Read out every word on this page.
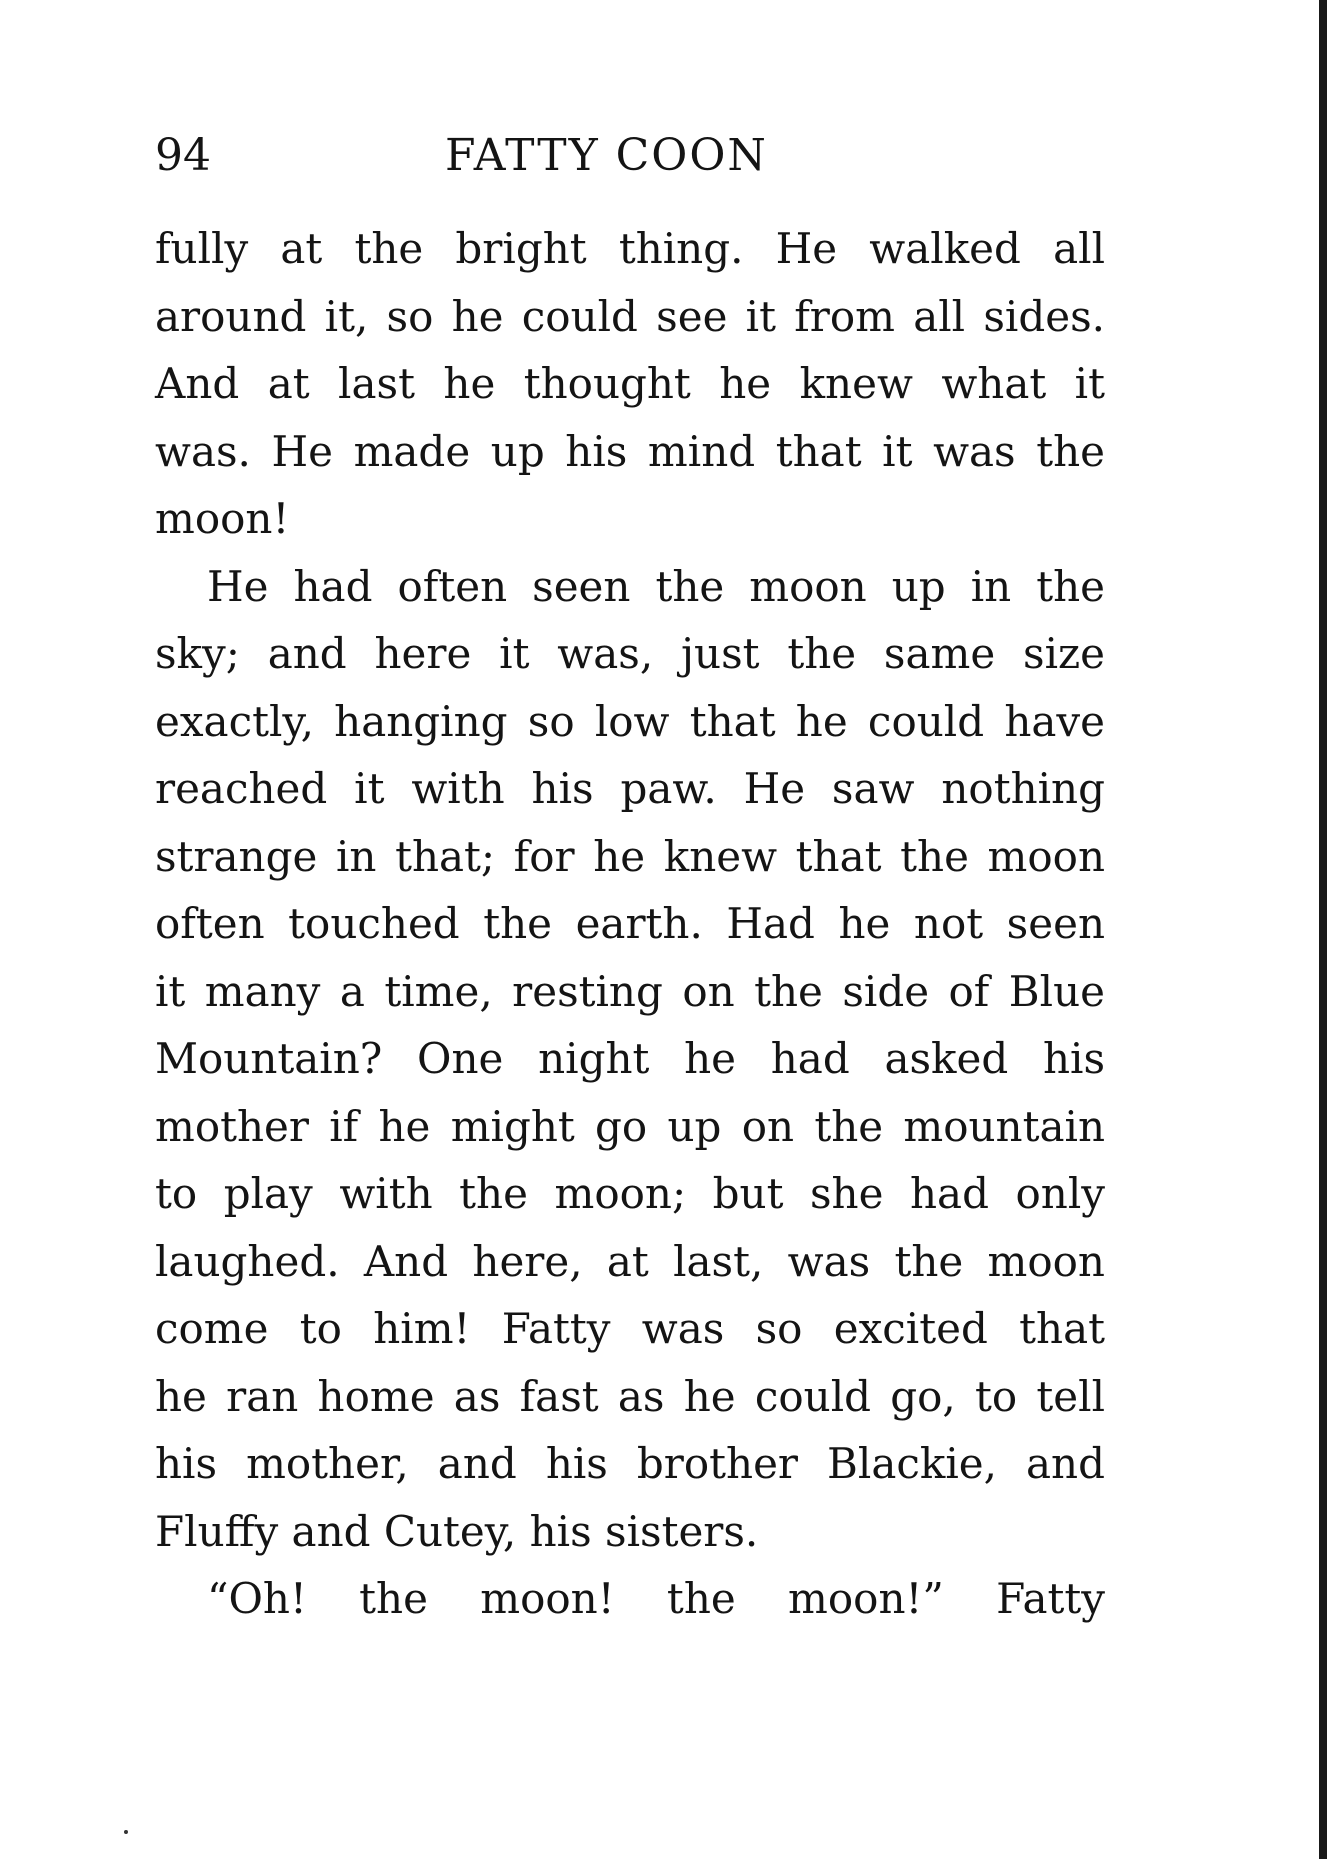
94	FATTY COON
fully at the bright thing. He walked all
around it, so he could see it from all sides.
And at last he thought he knew what it
was. He made up his mind that it was the
moon!
He had often seen the moon up in the
sky; and here it was, just the same size
exactly, hanging so low that he could have
reached it with his paw. He saw nothing
strange in that; for he knew that the moon
often touched the earth. Had he not seen
it many a time, resting on the side of Blue
Mountain? One night he had asked his
mother if he might go up on the mountain
to play with the moon; but she had only
laughed. And here, at last, was the moon
come to him! Fatty was so excited that
he ran home as fast as he could go, to tell
his mother, and his brother Blackie, and
Fluffy and Cutey, his sisters.
“Oh! the moon! the moon!” Fatty
